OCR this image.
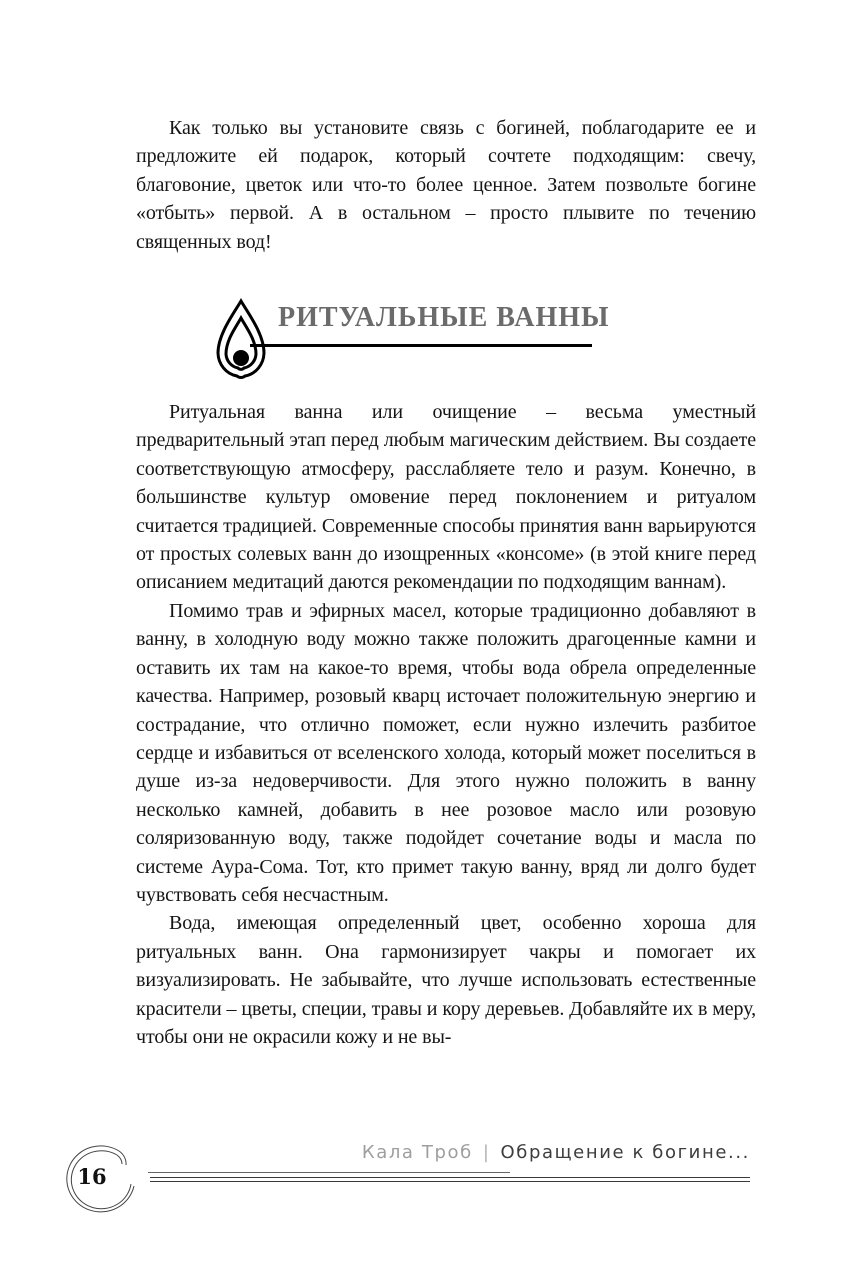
Как только вы установите связь с богиней, поблагодарите ее и предложите ей подарок, который сочтете подходящим: свечу, благовоние, цветок или что-то более ценное. Затем позвольте богине «отбыть» первой. А в остальном – просто плывите по течению священных вод!

РИТУАЛЬНЫЕ ВАННЫ

Ритуальная ванна или очищение – весьма уместный предварительный этап перед любым магическим действием. Вы создаете соответствующую атмосферу, расслабляете тело и разум. Конечно, в большинстве культур омовение перед поклонением и ритуалом считается традицией. Современные способы принятия ванн варьируются от простых солевых ванн до изощренных «консоме» (в этой книге перед описанием медитаций даются рекомендации по подходящим ваннам).

Помимо трав и эфирных масел, которые традиционно добавляют в ванну, в холодную воду можно также положить драгоценные камни и оставить их там на какое-то время, чтобы вода обрела определенные качества. Например, розовый кварц источает положительную энергию и сострадание, что отлично поможет, если нужно излечить разбитое сердце и избавиться от вселенского холода, который может поселиться в душе из-за недоверчивости. Для этого нужно положить в ванну несколько камней, добавить в нее розовое масло или розовую соляризованную воду, также подойдет сочетание воды и масла по системе Аура-Сома. Тот, кто примет такую ванну, вряд ли долго будет чувствовать себя несчастным.

Вода, имеющая определенный цвет, особенно хороша для ритуальных ванн. Она гармонизирует чакры и помогает их визуализировать. Не забывайте, что лучше использовать естественные красители – цветы, специи, травы и кору деревьев. Добавляйте их в меру, чтобы они не окрасили кожу и не вы-

Кала Троб | Обращение к богине...
16
